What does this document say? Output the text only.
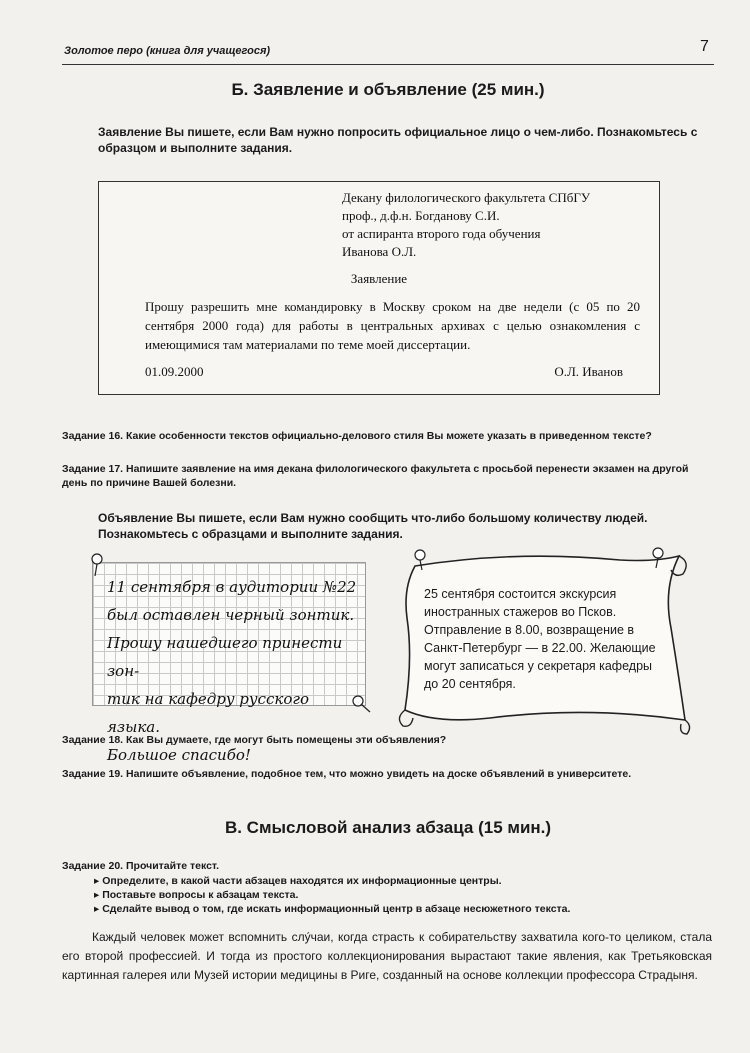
Золотое перо (книга для учащегося)	7
Б. Заявление и объявление (25 мин.)
Заявление Вы пишете, если Вам нужно попросить официальное лицо о чем-либо. Познакомьтесь с образцом и выполните задания.
Декану филологического факультета СПбГУ
проф., д.ф.н. Богданову С.И.
от аспиранта второго года обучения
Иванова О.Л.
Заявление
Прошу разрешить мне командировку в Москву сроком на две недели (с 05 по 20 сентября 2000 года) для работы в центральных архивах с целью ознакомления с имеющимися там материалами по теме моей диссертации.
01.09.2000	О.Л. Иванов
Задание 16. Какие особенности текстов официально-делового стиля Вы можете указать в приведенном тексте?
Задание 17. Напишите заявление на имя декана филологического факультета с просьбой перенести экзамен на другой день по причине Вашей болезни.
Объявление Вы пишете, если Вам нужно сообщить что-либо большому количеству людей. Познакомьтесь с образцами и выполните задания.
11 сентября в аудитории №22
был оставлен черный зонтик.
Прошу нашедшего принести зон-
тик на кафедру русского языка.
Большое спасибо!
25 сентября состоится экскурсия иностранных стажеров во Псков. Отправление в 8.00, возвращение в Санкт-Петербург — в 22.00. Желающие могут записаться у секретаря кафедры до 20 сентября.
Задание 18. Как Вы думаете, где могут быть помещены эти объявления?
Задание 19. Напишите объявление, подобное тем, что можно увидеть на доске объявлений в университете.
В. Смысловой анализ абзаца (15 мин.)
Задание 20. Прочитайте текст.
▸ Определите, в какой части абзацев находятся их информационные центры.
▸ Поставьте вопросы к абзацам текста.
▸ Сделайте вывод о том, где искать информационный центр в абзаце несюжетного текста.
Каждый человек может вспомнить слу́чаи, когда страсть к собирательству захватила кого-то целиком, стала его второй профессией. И тогда из простого коллекционирования вырастают такие явления, как Третьяковская картинная галерея или Музей истории медицины в Риге, созданный на основе коллекции профессора Страдыня.
